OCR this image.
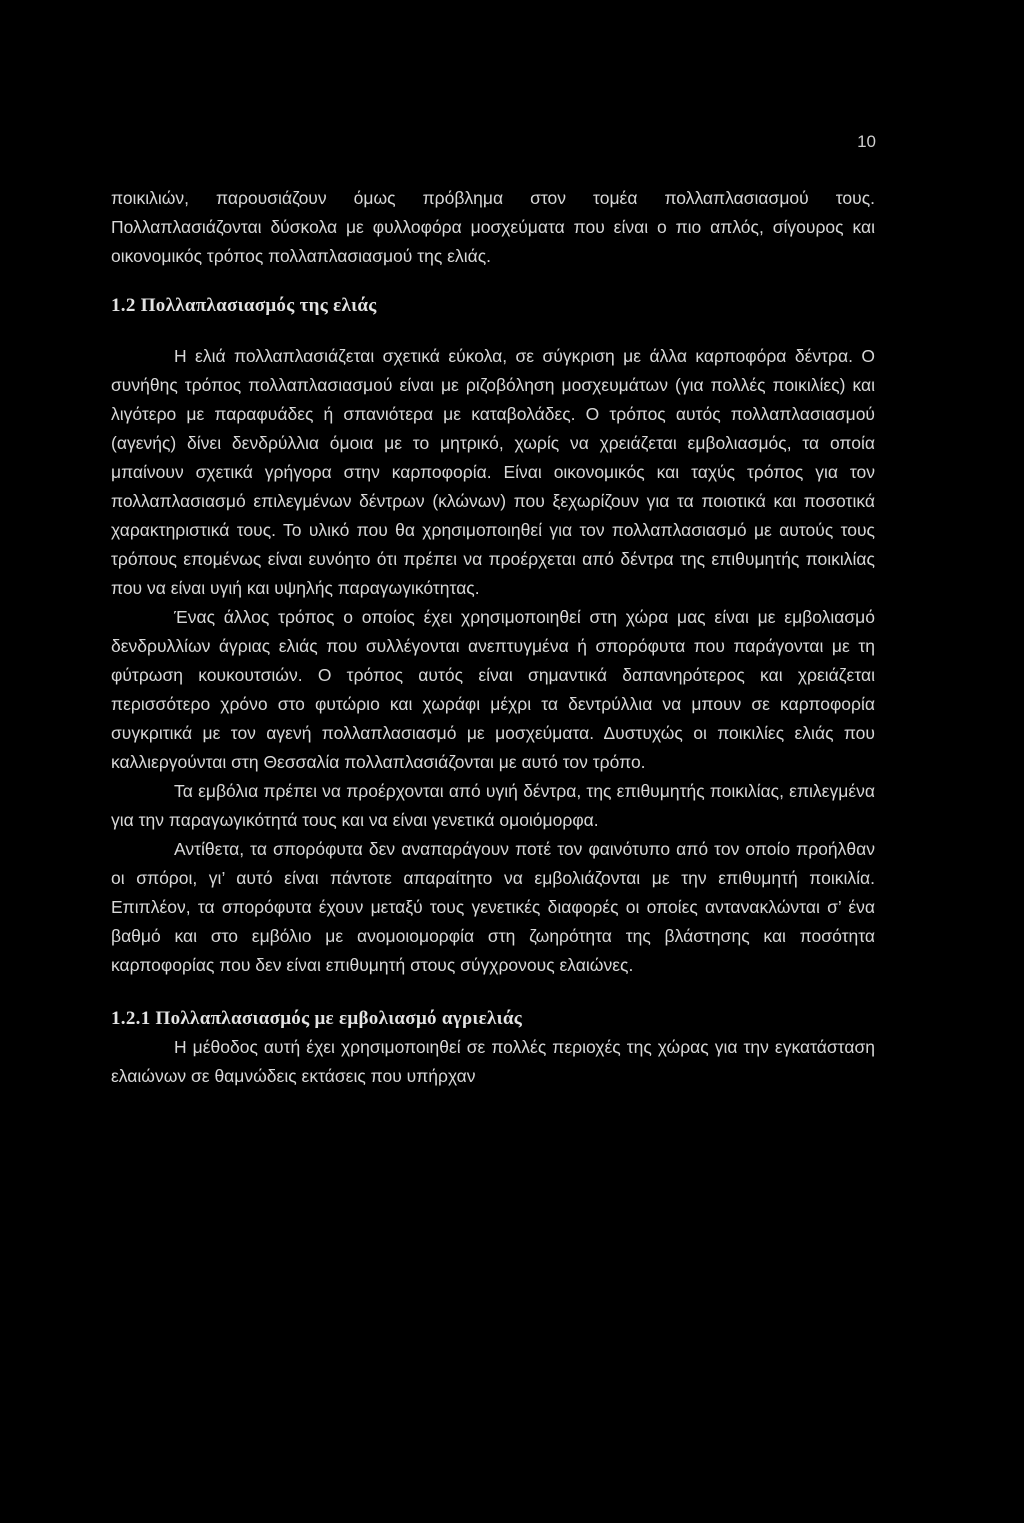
10

ποικιλιών, παρουσιάζουν όμως πρόβλημα στον τομέα πολλαπλασιασμού τους. Πολλαπλασιάζονται δύσκολα με φυλλοφόρα μοσχεύματα που είναι ο πιο απλός, σίγουρος και οικονομικός τρόπος πολλαπλασιασμού της ελιάς.

1.2 Πολλαπλασιασμός της ελιάς

Η ελιά πολλαπλασιάζεται σχετικά εύκολα, σε σύγκριση με άλλα καρποφόρα δέντρα. Ο συνήθης τρόπος πολλαπλασιασμού είναι με ριζοβόληση μοσχευμάτων (για πολλές ποικιλίες) και λιγότερο με παραφυάδες ή σπανιότερα με καταβολάδες. Ο τρόπος αυτός πολλαπλασιασμού (αγενής) δίνει δενδρύλλια όμοια με το μητρικό, χωρίς να χρειάζεται εμβολιασμός, τα οποία μπαίνουν σχετικά γρήγορα στην καρποφορία. Είναι οικονομικός και ταχύς τρόπος για τον πολλαπλασιασμό επιλεγμένων δέντρων (κλώνων) που ξεχωρίζουν για τα ποιοτικά και ποσοτικά χαρακτηριστικά τους. Το υλικό που θα χρησιμοποιηθεί για τον πολλαπλασιασμό με αυτούς τους τρόπους επομένως είναι ευνόητο ότι πρέπει να προέρχεται από δέντρα της επιθυμητής ποικιλίας που να είναι υγιή και υψηλής παραγωγικότητας.

Ένας άλλος τρόπος ο οποίος έχει χρησιμοποιηθεί στη χώρα μας είναι με εμβολιασμό δενδρυλλίων άγριας ελιάς που συλλέγονται ανεπτυγμένα ή σπορόφυτα που παράγονται με τη φύτρωση κουκουτσιών. Ο τρόπος αυτός είναι σημαντικά δαπανηρότερος και χρειάζεται περισσότερο χρόνο στο φυτώριο και χωράφι μέχρι τα δεντρύλλια να μπουν σε καρποφορία συγκριτικά με τον αγενή πολλαπλασιασμό με μοσχεύματα. Δυστυχώς οι ποικιλίες ελιάς που καλλιεργούνται στη Θεσσαλία πολλαπλασιάζονται με αυτό τον τρόπο.

Τα εμβόλια πρέπει να προέρχονται από υγιή δέντρα, της επιθυμητής ποικιλίας, επιλεγμένα για την παραγωγικότητά τους και να είναι γενετικά ομοιόμορφα.

Αντίθετα, τα σπορόφυτα δεν αναπαράγουν ποτέ τον φαινότυπο από τον οποίο προήλθαν οι σπόροι, γι’ αυτό είναι πάντοτε απαραίτητο να εμβολιάζονται με την επιθυμητή ποικιλία. Επιπλέον, τα σπορόφυτα έχουν μεταξύ τους γενετικές διαφορές οι οποίες αντανακλώνται σ’ ένα βαθμό και στο εμβόλιο με ανομοιομορφία στη ζωηρότητα της βλάστησης και ποσότητα καρποφορίας που δεν είναι επιθυμητή στους σύγχρονους ελαιώνες.

1.2.1 Πολλαπλασιασμός με εμβολιασμό αγριελιάς

Η μέθοδος αυτή έχει χρησιμοποιηθεί σε πολλές περιοχές της χώρας για την εγκατάσταση ελαιώνων σε θαμνώδεις εκτάσεις που υπήρχαν
